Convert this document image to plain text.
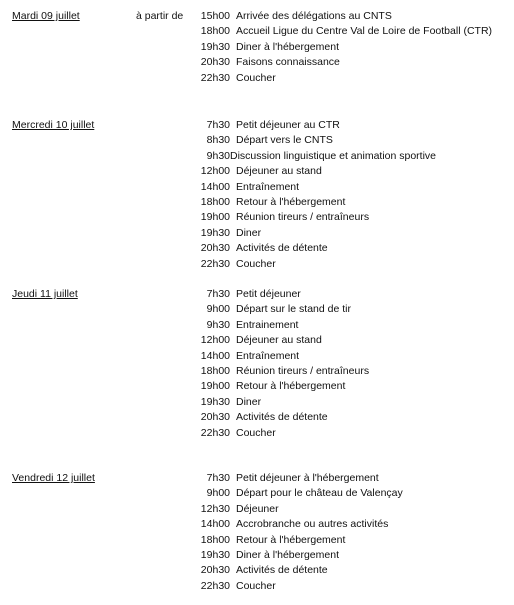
Mardi 09 juillet	à partir de 15h00 Arrivée des délégations au CNTS
18h00 Accueil Ligue du Centre Val de Loire de Football (CTR)
19h30 Diner à l'hébergement
20h30 Faisons connaissance
22h30 Coucher
Mercredi 10 juillet	7h30 Petit déjeuner au CTR
8h30 Départ vers le CNTS
9h30 Discussion linguistique et animation sportive
12h00 Déjeuner au stand
14h00 Entraînement
18h00 Retour à l'hébergement
19h00 Réunion tireurs / entraîneurs
19h30 Diner
20h30 Activités de détente
22h30 Coucher
Jeudi 11 juillet	7h30 Petit déjeuner
9h00 Départ sur le stand de tir
9h30 Entrainement
12h00 Déjeuner au stand
14h00 Entraînement
18h00 Réunion tireurs / entraîneurs
19h00 Retour à l'hébergement
19h30 Diner
20h30 Activités de détente
22h30 Coucher
Vendredi 12 juillet	7h30 Petit déjeuner à l'hébergement
9h00 Départ pour le château de Valençay
12h30 Déjeuner
14h00 Accrobranche ou autres activités
18h00 Retour à l'hébergement
19h30 Diner à l'hébergement
20h30 Activités de détente
22h30 Coucher
